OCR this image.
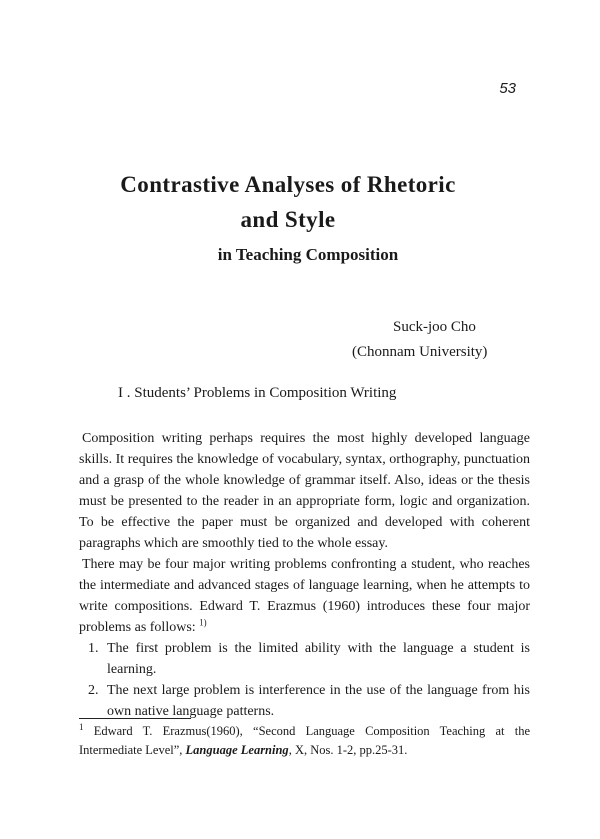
53
Contrastive Analyses of Rhetoric
and Style
in Teaching Composition
Suck-joo Cho
(Chonnam University)
I . Students’ Problems in Composition Writing

Composition writing perhaps requires the most highly developed language skills. It requires the knowledge of vocabulary, syntax, orthography, punctuation and a grasp of the whole knowledge of grammar itself. Also, ideas or the thesis must be presented to the reader in an appropriate form, logic and organization. To be effective the paper must be organized and developed with coherent paragraphs which are smoothly tied to the whole essay.

There may be four major writing problems confronting a student, who reaches the intermediate and advanced stages of language learning, when he attempts to write compositions. Edward T. Erazmus (1960) introduces these four major problems as follows: $^{1)}$

1. The first problem is the limited ability with the language a student is learning.
2. The next large problem is interference in the use of the language from his own native language patterns.
$^1$ Edward T. Erazmus(1960), “Second Language Composition Teaching at the Intermediate Level”, Language Learning, X, Nos. 1-2, pp.25-31.
